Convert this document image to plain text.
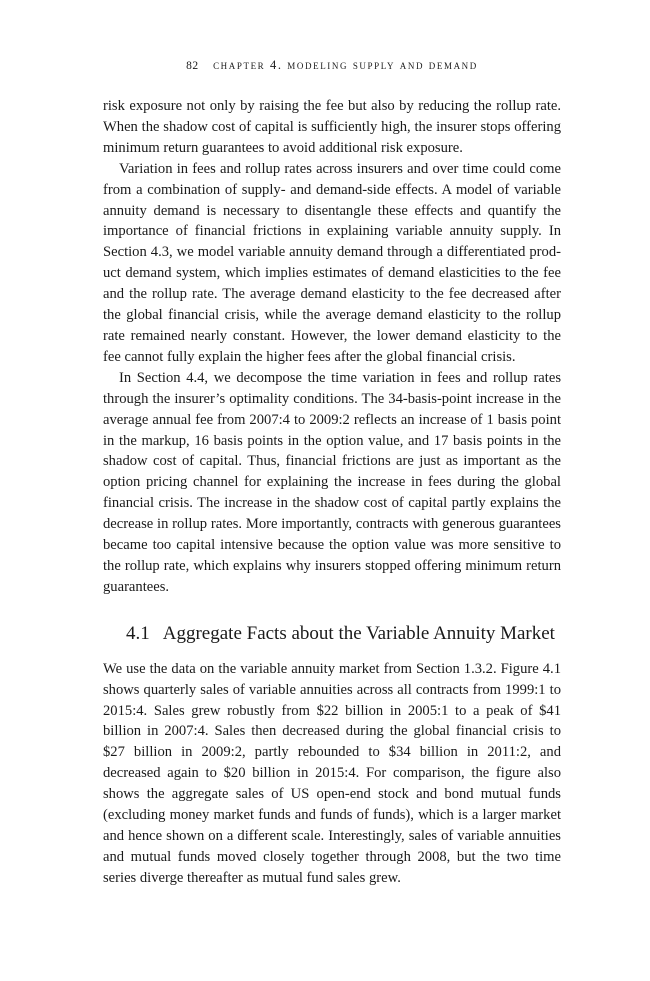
82 chapter 4. modeling supply and demand

risk exposure not only by raising the fee but also by reducing the rollup rate. When the shadow cost of capital is sufficiently high, the insurer stops offering minimum return guarantees to avoid additional risk exposure.

Variation in fees and rollup rates across insurers and over time could come from a combination of supply- and demand-side effects. A model of variable annuity demand is necessary to disentangle these effects and quantify the importance of financial frictions in explaining variable annuity supply. In Section 4.3, we model variable annuity demand through a differentiated product demand system, which implies estimates of demand elasticities to the fee and the rollup rate. The average demand elasticity to the fee decreased after the global financial crisis, while the average demand elasticity to the rollup rate remained nearly constant. However, the lower demand elasticity to the fee cannot fully explain the higher fees after the global financial crisis.

In Section 4.4, we decompose the time variation in fees and rollup rates through the insurer’s optimality conditions. The 34-basis-point increase in the average annual fee from 2007:4 to 2009:2 reflects an increase of 1 basis point in the markup, 16 basis points in the option value, and 17 basis points in the shadow cost of capital. Thus, financial frictions are just as important as the option pricing channel for explaining the increase in fees during the global financial crisis. The increase in the shadow cost of capital partly explains the decrease in rollup rates. More importantly, contracts with generous guarantees became too capital intensive because the option value was more sensitive to the rollup rate, which explains why insurers stopped offering minimum return guarantees.

4.1 Aggregate Facts about the Variable Annuity Market

We use the data on the variable annuity market from Section 1.3.2. Figure 4.1 shows quarterly sales of variable annuities across all contracts from 1999:1 to 2015:4. Sales grew robustly from $22 billion in 2005:1 to a peak of $41 billion in 2007:4. Sales then decreased during the global financial crisis to $27 billion in 2009:2, partly rebounded to $34 billion in 2011:2, and decreased again to $20 billion in 2015:4. For comparison, the figure also shows the aggregate sales of US open-end stock and bond mutual funds (excluding money market funds and funds of funds), which is a larger market and hence shown on a different scale. Interestingly, sales of variable annuities and mutual funds moved closely together through 2008, but the two time series diverge thereafter as mutual fund sales grew.
